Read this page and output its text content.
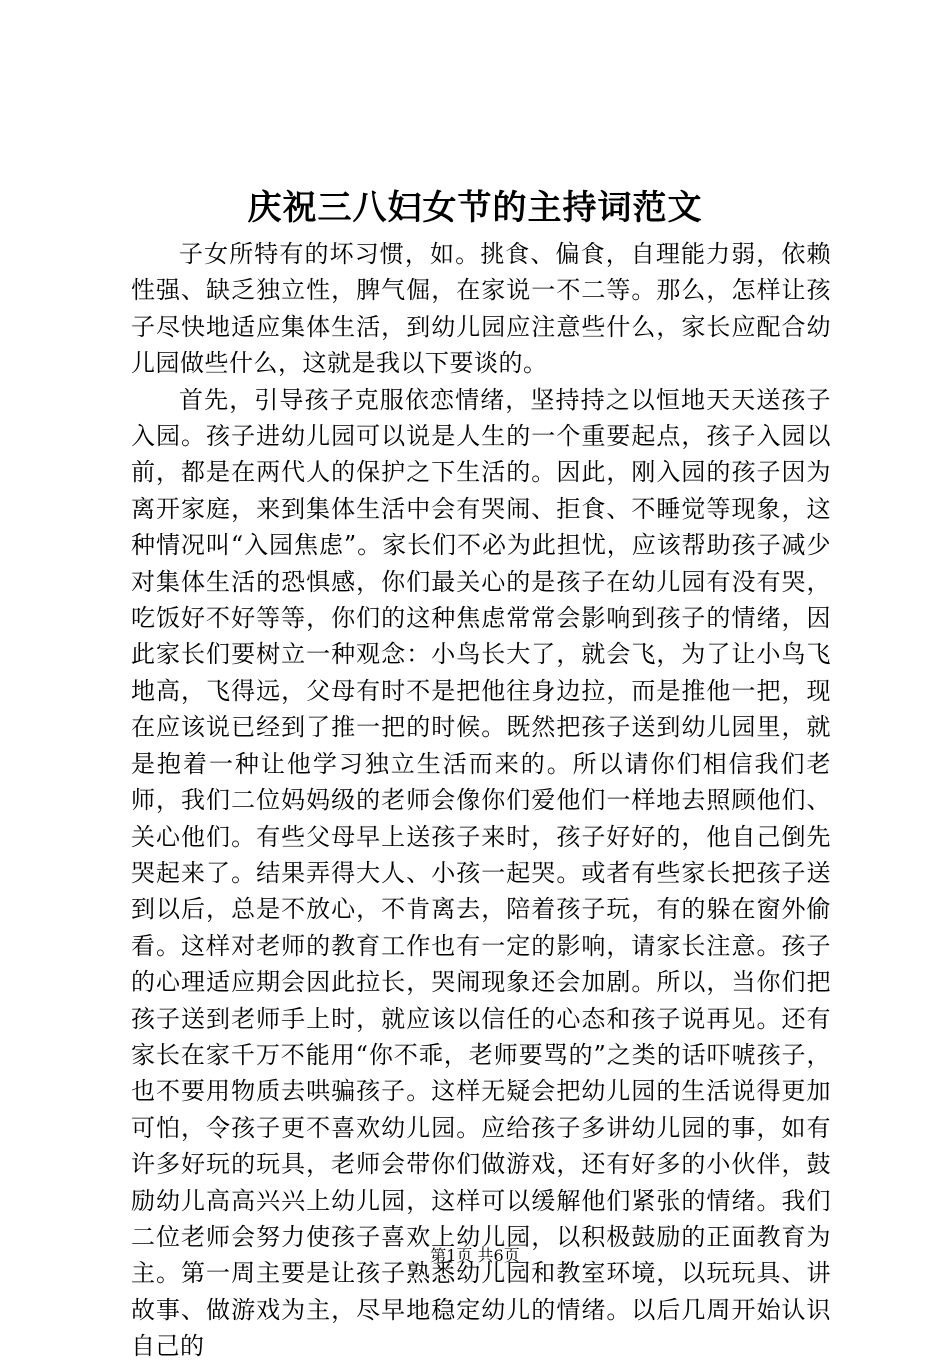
庆祝三八妇女节的主持词范文

子女所特有的坏习惯，如。挑食、偏食，自理能力弱，依赖性强、缺乏独立性，脾气倔，在家说一不二等。那么，怎样让孩子尽快地适应集体生活，到幼儿园应注意些什么，家长应配合幼儿园做些什么，这就是我以下要谈的。

首先，引导孩子克服依恋情绪，坚持持之以恒地天天送孩子入园。孩子进幼儿园可以说是人生的一个重要起点，孩子入园以前，都是在两代人的保护之下生活的。因此，刚入园的孩子因为离开家庭，来到集体生活中会有哭闹、拒食、不睡觉等现象，这种情况叫“入园焦虑”。家长们不必为此担忧，应该帮助孩子减少对集体生活的恐惧感，你们最关心的是孩子在幼儿园有没有哭，吃饭好不好等等，你们的这种焦虑常常会影响到孩子的情绪，因此家长们要树立一种观念：小鸟长大了，就会飞，为了让小鸟飞地高，飞得远，父母有时不是把他往身边拉，而是推他一把，现在应该说已经到了推一把的时候。既然把孩子送到幼儿园里，就是抱着一种让他学习独立生活而来的。所以请你们相信我们老师，我们二位妈妈级的老师会像你们爱他们一样地去照顾他们、关心他们。有些父母早上送孩子来时，孩子好好的，他自己倒先哭起来了。结果弄得大人、小孩一起哭。或者有些家长把孩子送到以后，总是不放心，不肯离去，陪着孩子玩，有的躲在窗外偷看。这样对老师的教育工作也有一定的影响，请家长注意。孩子的心理适应期会因此拉长，哭闹现象还会加剧。所以，当你们把孩子送到老师手上时，就应该以信任的心态和孩子说再见。还有家长在家千万不能用“你不乖，老师要骂的”之类的话吓唬孩子，也不要用物质去哄骗孩子。这样无疑会把幼儿园的生活说得更加可怕，令孩子更不喜欢幼儿园。应给孩子多讲幼儿园的事，如有许多好玩的玩具，老师会带你们做游戏，还有好多的小伙伴，鼓励幼儿高高兴兴上幼儿园，这样可以缓解他们紧张的情绪。我们二位老师会努力使孩子喜欢上幼儿园，以积极鼓励的正面教育为主。第一周主要是让孩子熟悉幼儿园和教室环境，以玩玩具、讲故事、做游戏为主，尽早地稳定幼儿的情绪。以后几周开始认识自己的

第1页 共6页
